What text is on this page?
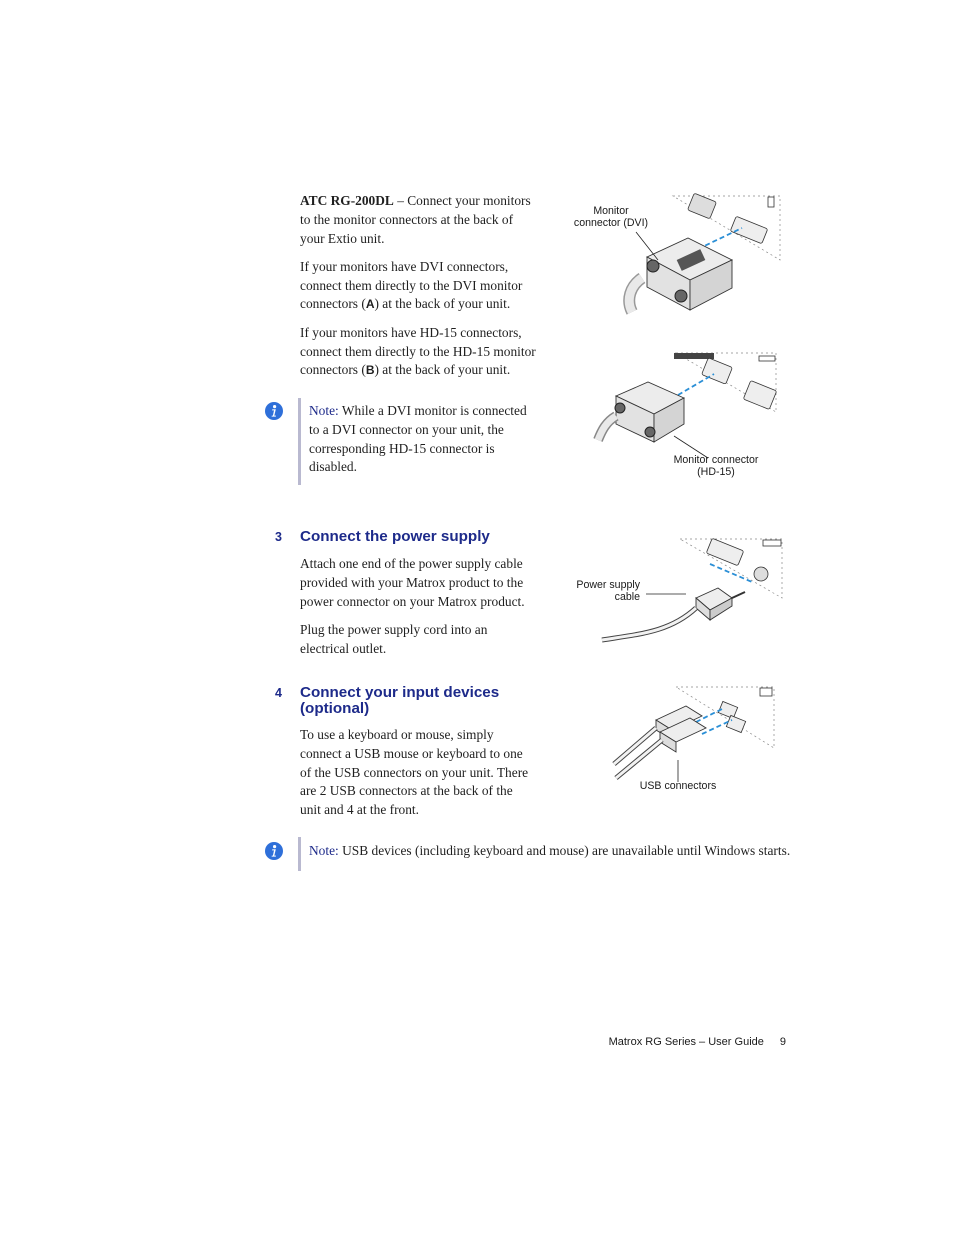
ATC RG-200DL – Connect your monitors to the monitor connectors at the back of your Extio unit.

If your monitors have DVI connectors, connect them directly to the DVI monitor connectors (A) at the back of your unit.

If your monitors have HD-15 connectors, connect them directly to the HD-15 monitor connectors (B) at the back of your unit.

Note: While a DVI monitor is connected to a DVI connector on your unit, the corresponding HD-15 connector is disabled.
3 Connect the power supply

Attach one end of the power supply cable provided with your Matrox product to the power connector on your Matrox product.

Plug the power supply cord into an electrical outlet.

4 Connect your input devices (optional)

To use a keyboard or mouse, simply connect a USB mouse or keyboard to one of the USB connectors on your unit. There are 2 USB connectors at the back of the unit and 4 at the front.

Note: USB devices (including keyboard and mouse) are unavailable until Windows starts.
Monitor
connector (DVI)
Monitor connector
(HD-15)
Power supply
cable
USB connectors
Matrox RG Series – User Guide 9
